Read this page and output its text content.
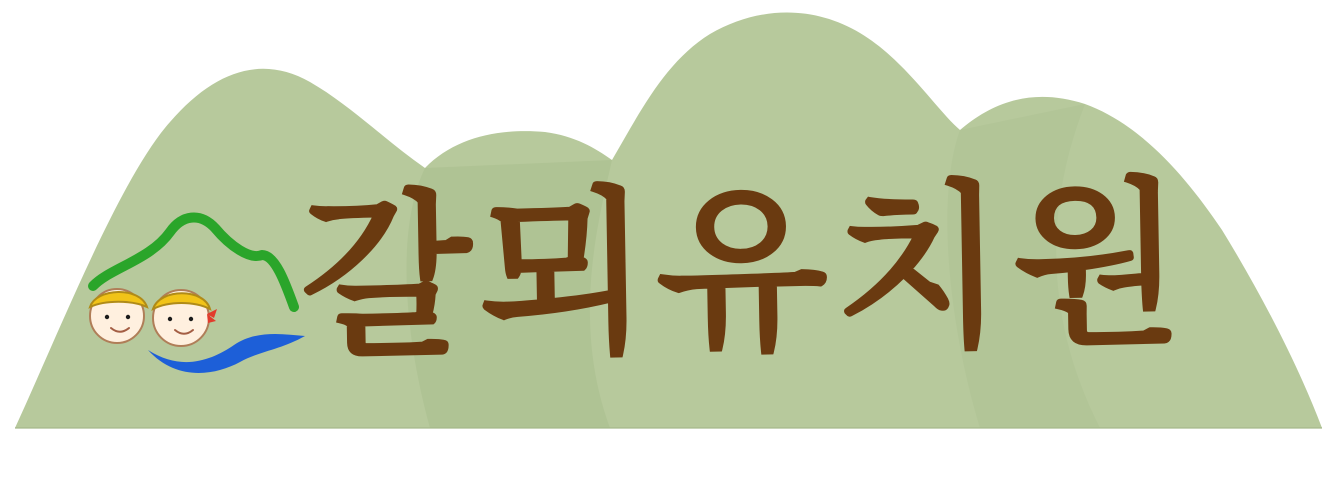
갈뫼유치원
